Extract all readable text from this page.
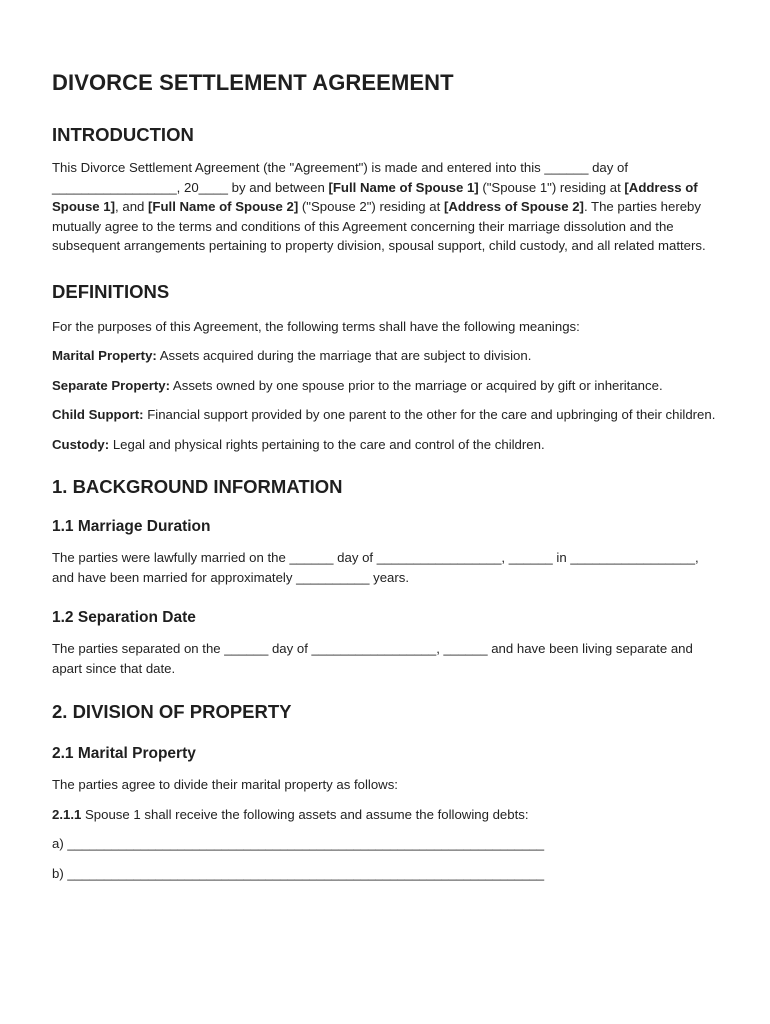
DIVORCE SETTLEMENT AGREEMENT
INTRODUCTION

This Divorce Settlement Agreement (the "Agreement") is made and entered into this ______ day of _________________, 20____ by and between [Full Name of Spouse 1] ("Spouse 1") residing at [Address of Spouse 1], and [Full Name of Spouse 2] ("Spouse 2") residing at [Address of Spouse 2]. The parties hereby mutually agree to the terms and conditions of this Agreement concerning their marriage dissolution and the subsequent arrangements pertaining to property division, spousal support, child custody, and all related matters.

DEFINITIONS

For the purposes of this Agreement, the following terms shall have the following meanings:

Marital Property: Assets acquired during the marriage that are subject to division.

Separate Property: Assets owned by one spouse prior to the marriage or acquired by gift or inheritance.

Child Support: Financial support provided by one parent to the other for the care and upbringing of their children.

Custody: Legal and physical rights pertaining to the care and control of the children.

1. BACKGROUND INFORMATION
1.1 Marriage Duration

The parties were lawfully married on the ______ day of _________________, ______ in _________________, and have been married for approximately __________ years.

1.2 Separation Date

The parties separated on the ______ day of _________________, ______ and have been living separate and apart since that date.

2. DIVISION OF PROPERTY
2.1 Marital Property

The parties agree to divide their marital property as follows:

2.1.1 Spouse 1 shall receive the following assets and assume the following debts:

a) _________________________________________________________________

b) _________________________________________________________________
